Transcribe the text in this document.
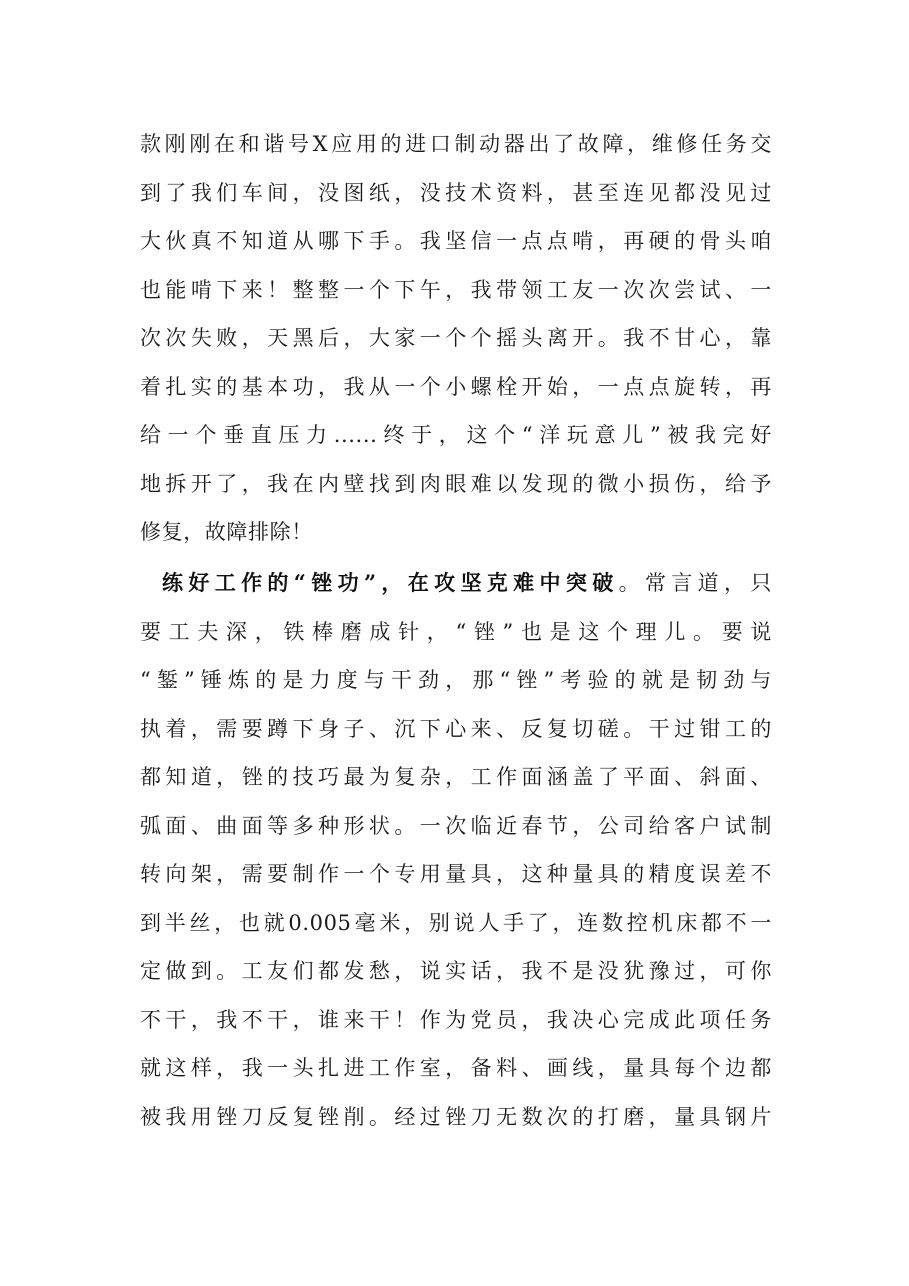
款刚刚在和谐号X应用的进口制动器出了故障，维修任务交
到了我们车间，没图纸，没技术资料，甚至连见都没见过
大伙真不知道从哪下手。我坚信一点点啃，再硬的骨头咱
也能啃下来！整整一个下午，我带领工友一次次尝试、一
次次失败，天黑后，大家一个个摇头离开。我不甘心，靠
着扎实的基本功，我从一个小螺栓开始，一点点旋转，再
给一个垂直压力......终于，这个“洋玩意儿”被我完好
地拆开了，我在内壁找到肉眼难以发现的微小损伤，给予
修复，故障排除！
练好工作的“锉功”，在攻坚克难中突破。常言道，只
要工夫深，铁棒磨成针，“锉”也是这个理儿。要说
“錾”锤炼的是力度与干劲，那“锉”考验的就是韧劲与
执着，需要蹲下身子、沉下心来、反复切磋。干过钳工的
都知道，锉的技巧最为复杂，工作面涵盖了平面、斜面、
弧面、曲面等多种形状。一次临近春节，公司给客户试制
转向架，需要制作一个专用量具，这种量具的精度误差不
到半丝，也就0.005毫米，别说人手了，连数控机床都不一
定做到。工友们都发愁，说实话，我不是没犹豫过，可你
不干，我不干，谁来干！作为党员，我决心完成此项任务
就这样，我一头扎进工作室，备料、画线，量具每个边都
被我用锉刀反复锉削。经过锉刀无数次的打磨，量具钢片
